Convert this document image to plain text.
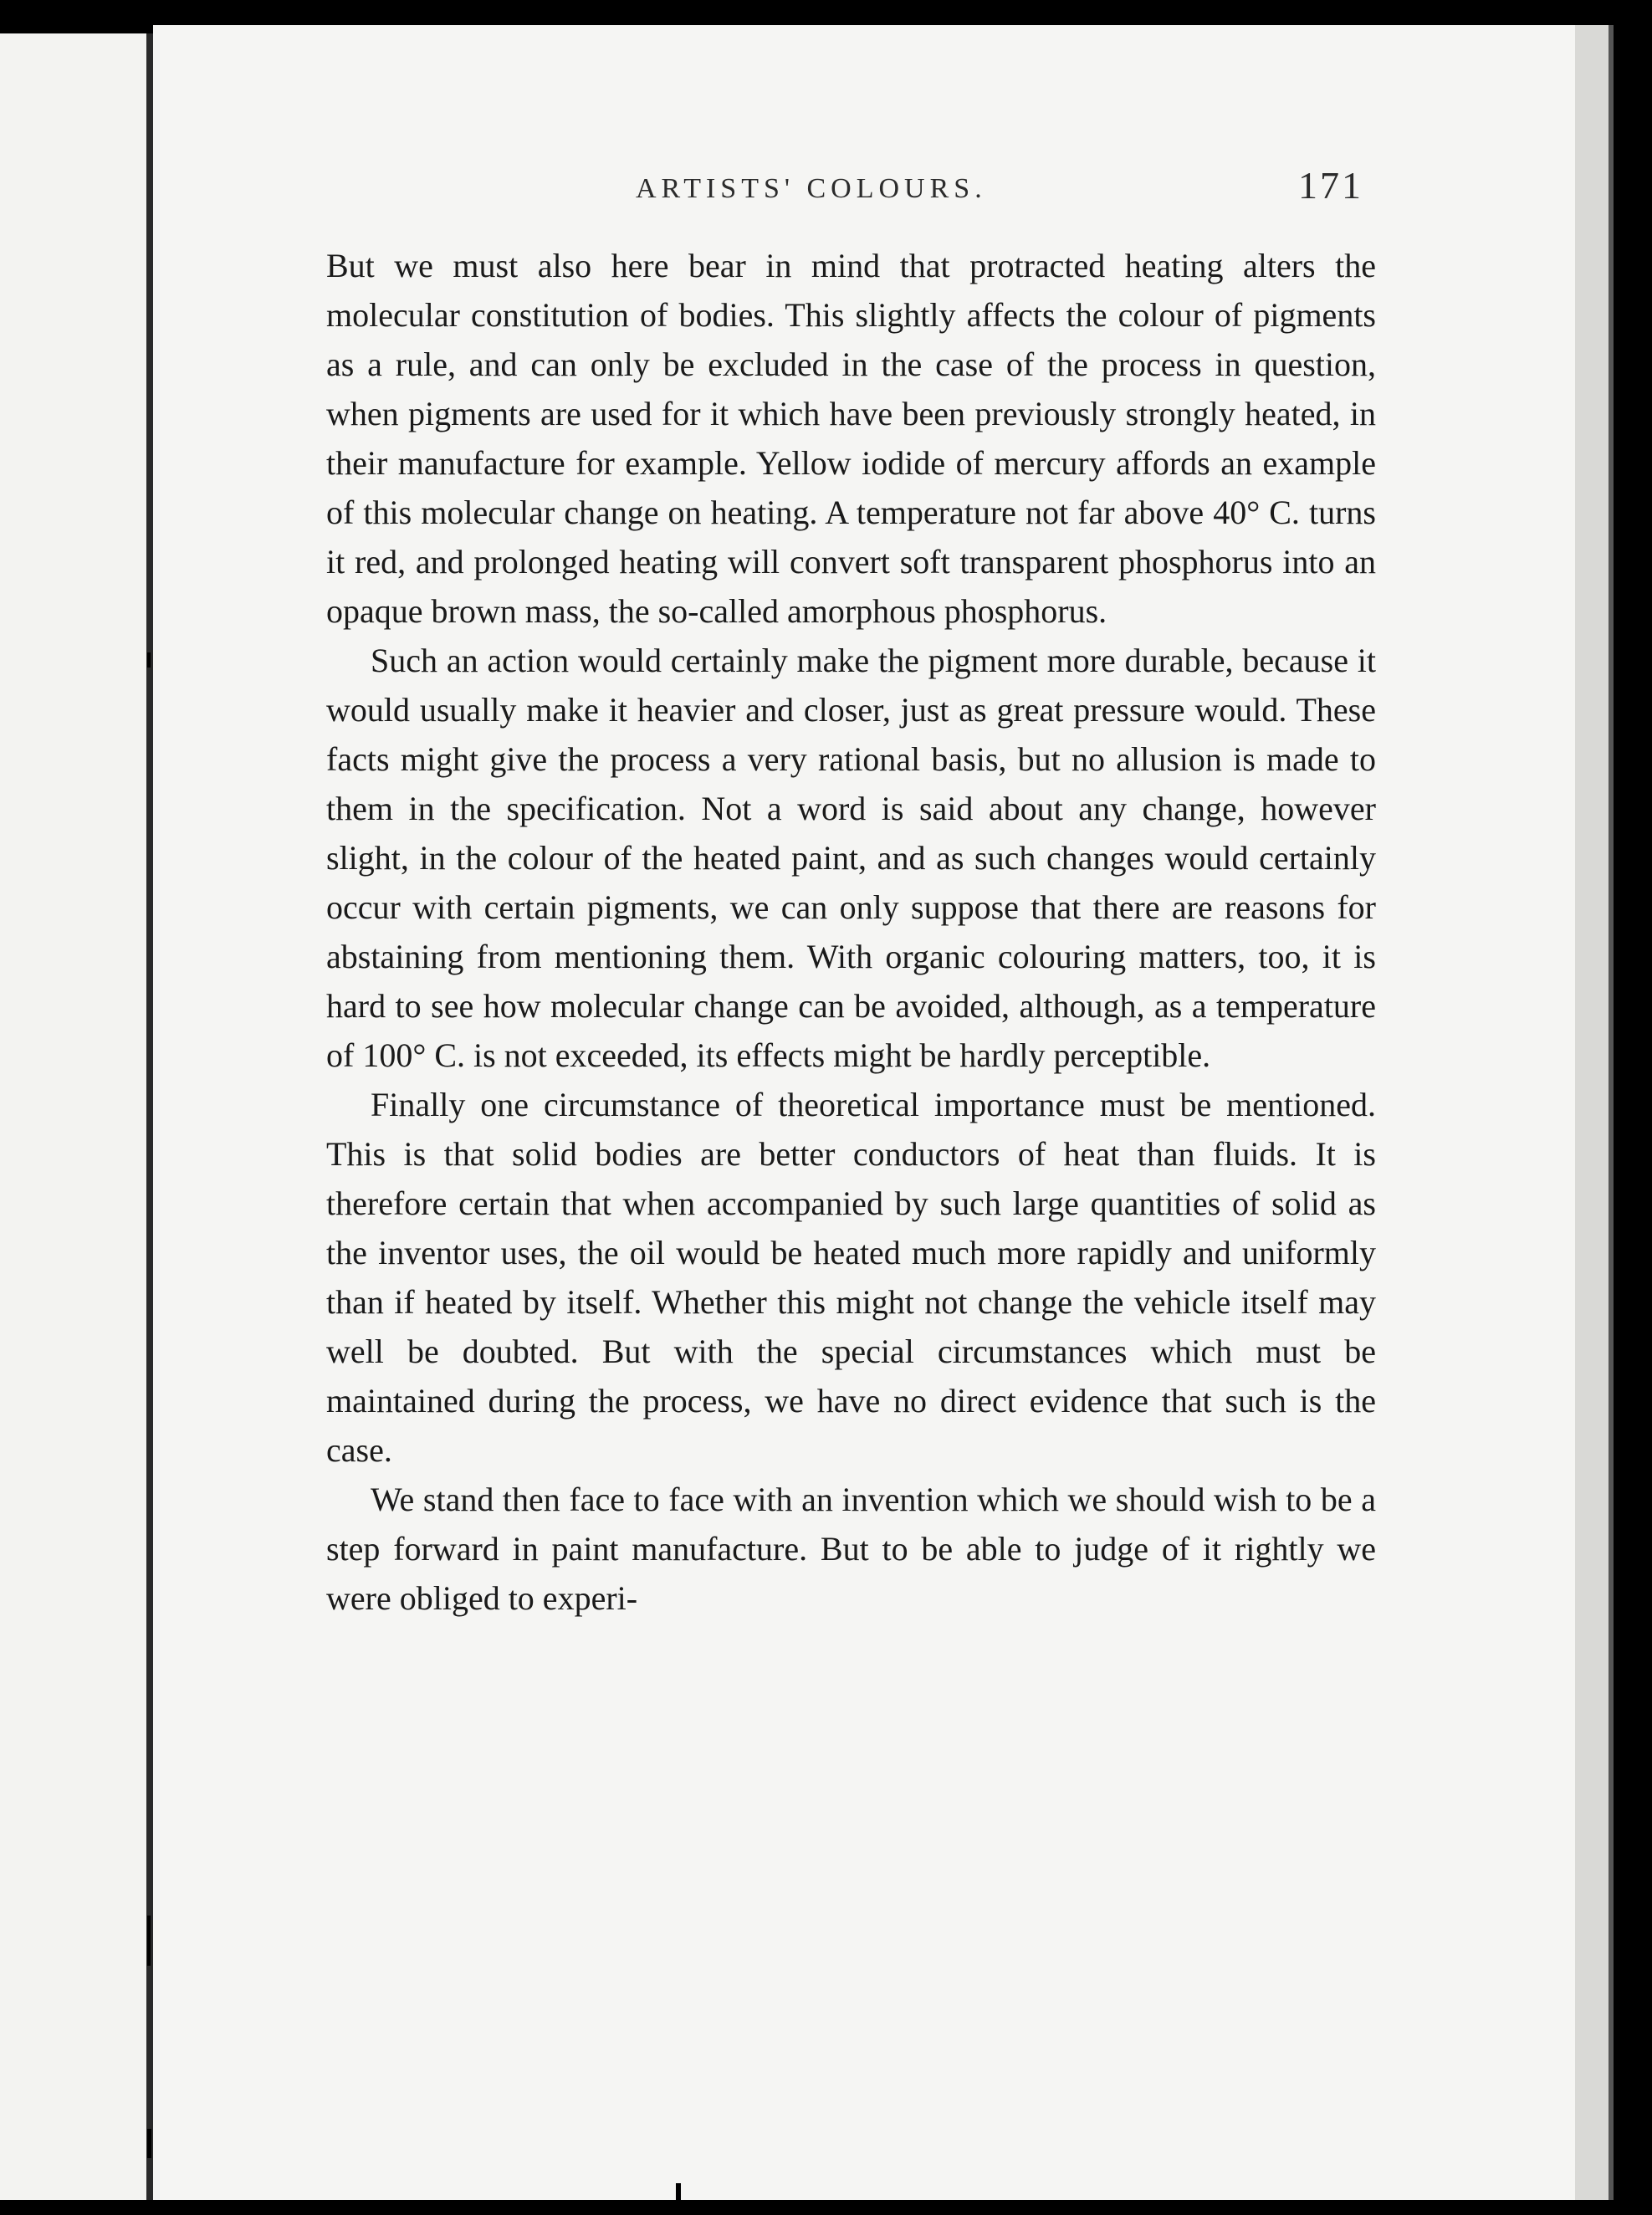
ARTISTS' COLOURS.	171

But we must also here bear in mind that protracted heating alters the molecular constitution of bodies. This slightly affects the colour of pigments as a rule, and can only be excluded in the case of the process in question, when pigments are used for it which have been previously strongly heated, in their manufacture for example. Yellow iodide of mercury affords an example of this molecular change on heating. A temperature not far above 40° C. turns it red, and prolonged heating will convert soft transparent phosphorus into an opaque brown mass, the so-called amorphous phosphorus.

Such an action would certainly make the pigment more durable, because it would usually make it heavier and closer, just as great pressure would. These facts might give the process a very rational basis, but no allusion is made to them in the specification. Not a word is said about any change, however slight, in the colour of the heated paint, and as such changes would certainly occur with certain pigments, we can only suppose that there are reasons for abstaining from mentioning them. With organic colouring matters, too, it is hard to see how molecular change can be avoided, although, as a temperature of 100° C. is not exceeded, its effects might be hardly perceptible.

Finally one circumstance of theoretical importance must be mentioned. This is that solid bodies are better conductors of heat than fluids. It is therefore certain that when accompanied by such large quantities of solid as the inventor uses, the oil would be heated much more rapidly and uniformly than if heated by itself. Whether this might not change the vehicle itself may well be doubted. But with the special circumstances which must be maintained during the process, we have no direct evidence that such is the case.

We stand then face to face with an invention which we should wish to be a step forward in paint manufacture. But to be able to judge of it rightly we were obliged to experi-
